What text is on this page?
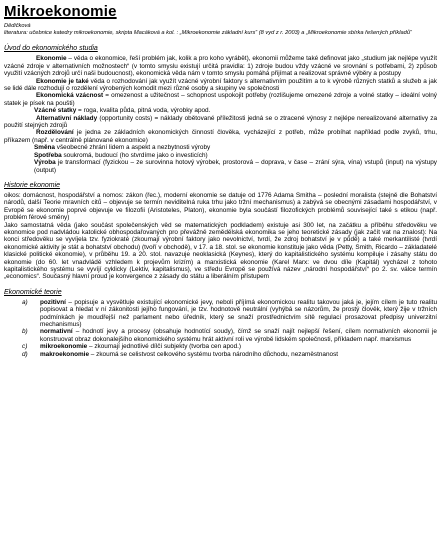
Mikroekonomie

Dědičková

literatura: učebnice katedry mikroekonomie, skripta Macáková a kol. : „Mikroekonomie základní kurs“ (8 vyd z r. 2003) a „Mikroekonomie sbírka řešených příkladů“

Úvod do ekonomického studia

Ekonomie – věda o ekonomice, řeší problém jak, kolik a pro koho vyrábět), ekonomii můžeme také definovat jako „studium jak nejlépe využít vzácné zdroje v alternativních možnostech“ (v tomto smyslu existují určitá pravidla: 1) zdroje budou vždy vzácné ve srovnání s potřebami, 2) způsob využití vzácných zdrojů určí naši budoucnost), ekonomická věda nám v tomto smyslu pomáhá přijímat a realizovat správné výběry a postupy

Ekonomie je také věda o rozhodování jak využít vzácné výrobní faktory s alternativním použitím a to k výrobě různých statků a služeb a jak se lidé dále rozhodují o rozdělení výrobených komodit mezi různé osoby a skupiny ve společnosti

Ekonomická vzácnost = omezenost a užitečnost – schopnost uspokojit potřeby (rozlišujeme omezené zdroje a volné statky – ideální volný statek je písek na poušti)

Vzácné statky = roga, kvalita půda, pitná voda, výrobky apod.

Alternativní náklady (opportunity costs) = náklady obětované příležitosti jedná se o ztracené výnosy z nejlépe nerealizované alternativy za použití stejných zdrojů

Rozdělování je jedna ze základních ekonomických činností člověka, vycházející z potřeb, může probíhat například podle zvyků, trhu, příkazem (např. v centrálně plánované ekonomice)

Směna všeobecné zhrání lidem a aspekt a nezbytnosti výroby

Spotřeba soukromá, budoucí (ho stvrdíme jako o investicích)

Výroba je transformací (fyzickou – ze surovinna hotový výrobek, prostorová – doprava, v čase – zrání sýra, vína) vstupů (input) na výstupy (output)

Historie ekonomie

oikos: domácnost, hospodářství a nomos: zákon (řec.), moderní ekonomie se datuje od 1776 Adama Smitha – poslední moralista (stejně dle Bohatství národů, další Teorie mravních citů – objevuje se termín neviditelná ruka trhu jako tržní mechanismus) a zabývá se obecnými zásadami hospodářství, v Evropě se ekonomie poprvé objevuje ve filozofii (Aristoteles, Platon), ekonomie byla součástí filozofických problémů související také s etikou (např. problém férové směny)

Jako samostatná věda (jako součást společenských věd se matematických podkladem) existuje asi 300 let, na začátku a příběhu středověku ve ekonomice pod nadvládou katolické obhospodařovaných pro převážně zemědělská ekonomika se jeho teoretické zásady (jak začít vat na znalost): Na konci středověku se vyvíjela tzv. fyziokraté (zkoumají výrobní faktory jako nevolnictví, tvrdí, že zdroj bohatství je v půdě) a také merkantilisté (tvrdí ekonomické aktivity je stát a bohatství obchodu) (tvoří v obchodě), v 17. a 18. stol. se ekonomie konstituje jako věda (Petty, Smith, Ricardo – základatelé klasické politické ekonomie), v průběhu 19. a 20. stol. navazuje neoklasická (Keynes), který do kapitalistického systému kompiluje i zásahy státu do ekonomie (do 60. let vnadvládě vzhledem k projevům krizím) a marxistická ekonomie (Karel Marx: ve dvou díle (Kapitál) vycházel z tohoto kapitalistického systému se vyvíjí cyklicky (Lektiv, kapitalismus), ve středu Evropě se používá název „národní hospodářství“ po 2. sv. válce termín „economics“. Současný hlavní proud je konvergence z zásady do státu a liberálním přístupem

Ekonomické teorie
a) pozitivní – popisuje a vysvětluje existující ekonomické jevy, neboli příjímá ekonomickou realitu takovou jaká je, jejím cílem je tuto realitu popisovat a hledat v ní zákonitosti jejího fungování, je tzv. hodnotově neutrální (vyhýbá se názorům, že prostý člověk, který žije v tržních podmínkách je moudřejší než parlament nebo úředník, který se snaží prostřednictvím sítě regulací prosazovat předpisy univerzitní mechanismus)
b) normativní – hodnotí jevy a procesy (obsahuje hodnotící soudy), čímž se snaží najít nejlepší řešení, cílem normativních ekonomii je konstruovat obraz dokonalejšího ekonomického systému hrát aktivní roli ve výrobě lidském společnosti, příkladem např. marxismus
c) mikroekonomie – zkoumají jednotlivé dílčí subjekty (tvorba cen apod.)
d) makroekonomie – zkoumá se celistvost celkového systému tvorba národního důchodu, nezaměstnanost
